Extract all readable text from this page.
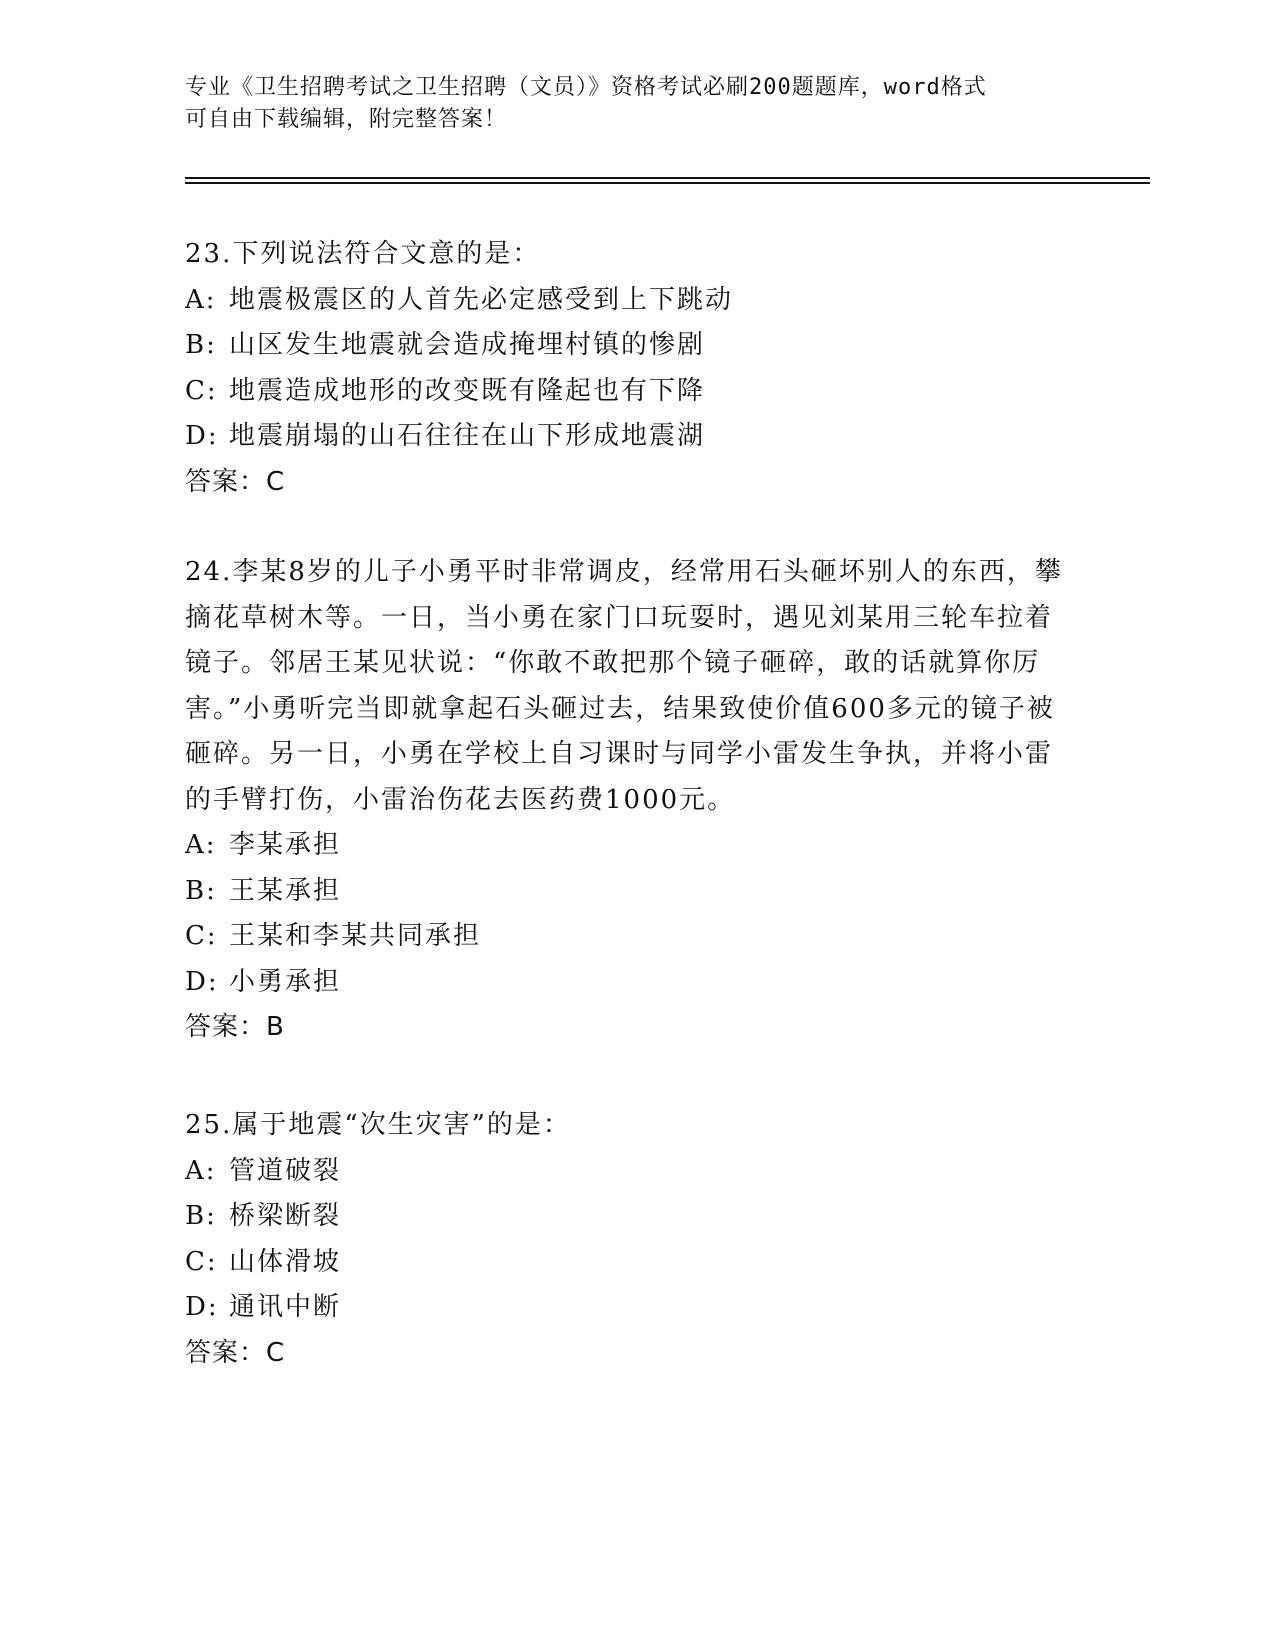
专业《卫生招聘考试之卫生招聘（文员）》资格考试必刷200题题库，word格式
可自由下载编辑，附完整答案！
23.下列说法符合文意的是：
A: 地震极震区的人首先必定感受到上下跳动
B: 山区发生地震就会造成掩埋村镇的惨剧
C: 地震造成地形的改变既有隆起也有下降
D: 地震崩塌的山石往往在山下形成地震湖
答案：C
24.李某8岁的儿子小勇平时非常调皮，经常用石头砸坏别人的东西，攀摘花草树木等。一日，当小勇在家门口玩耍时，遇见刘某用三轮车拉着镜子。邻居王某见状说：“你敢不敢把那个镜子砸碎，敢的话就算你厉害。”小勇听完当即就拿起石头砸过去，结果致使价值600多元的镜子被砸碎。另一日，小勇在学校上自习课时与同学小雷发生争执，并将小雷的手臂打伤，小雷治伤花去医药费1000元。
A: 李某承担
B: 王某承担
C: 王某和李某共同承担
D: 小勇承担
答案：B
25.属于地震“次生灾害”的是：
A: 管道破裂
B: 桥梁断裂
C: 山体滑坡
D: 通讯中断
答案：C
